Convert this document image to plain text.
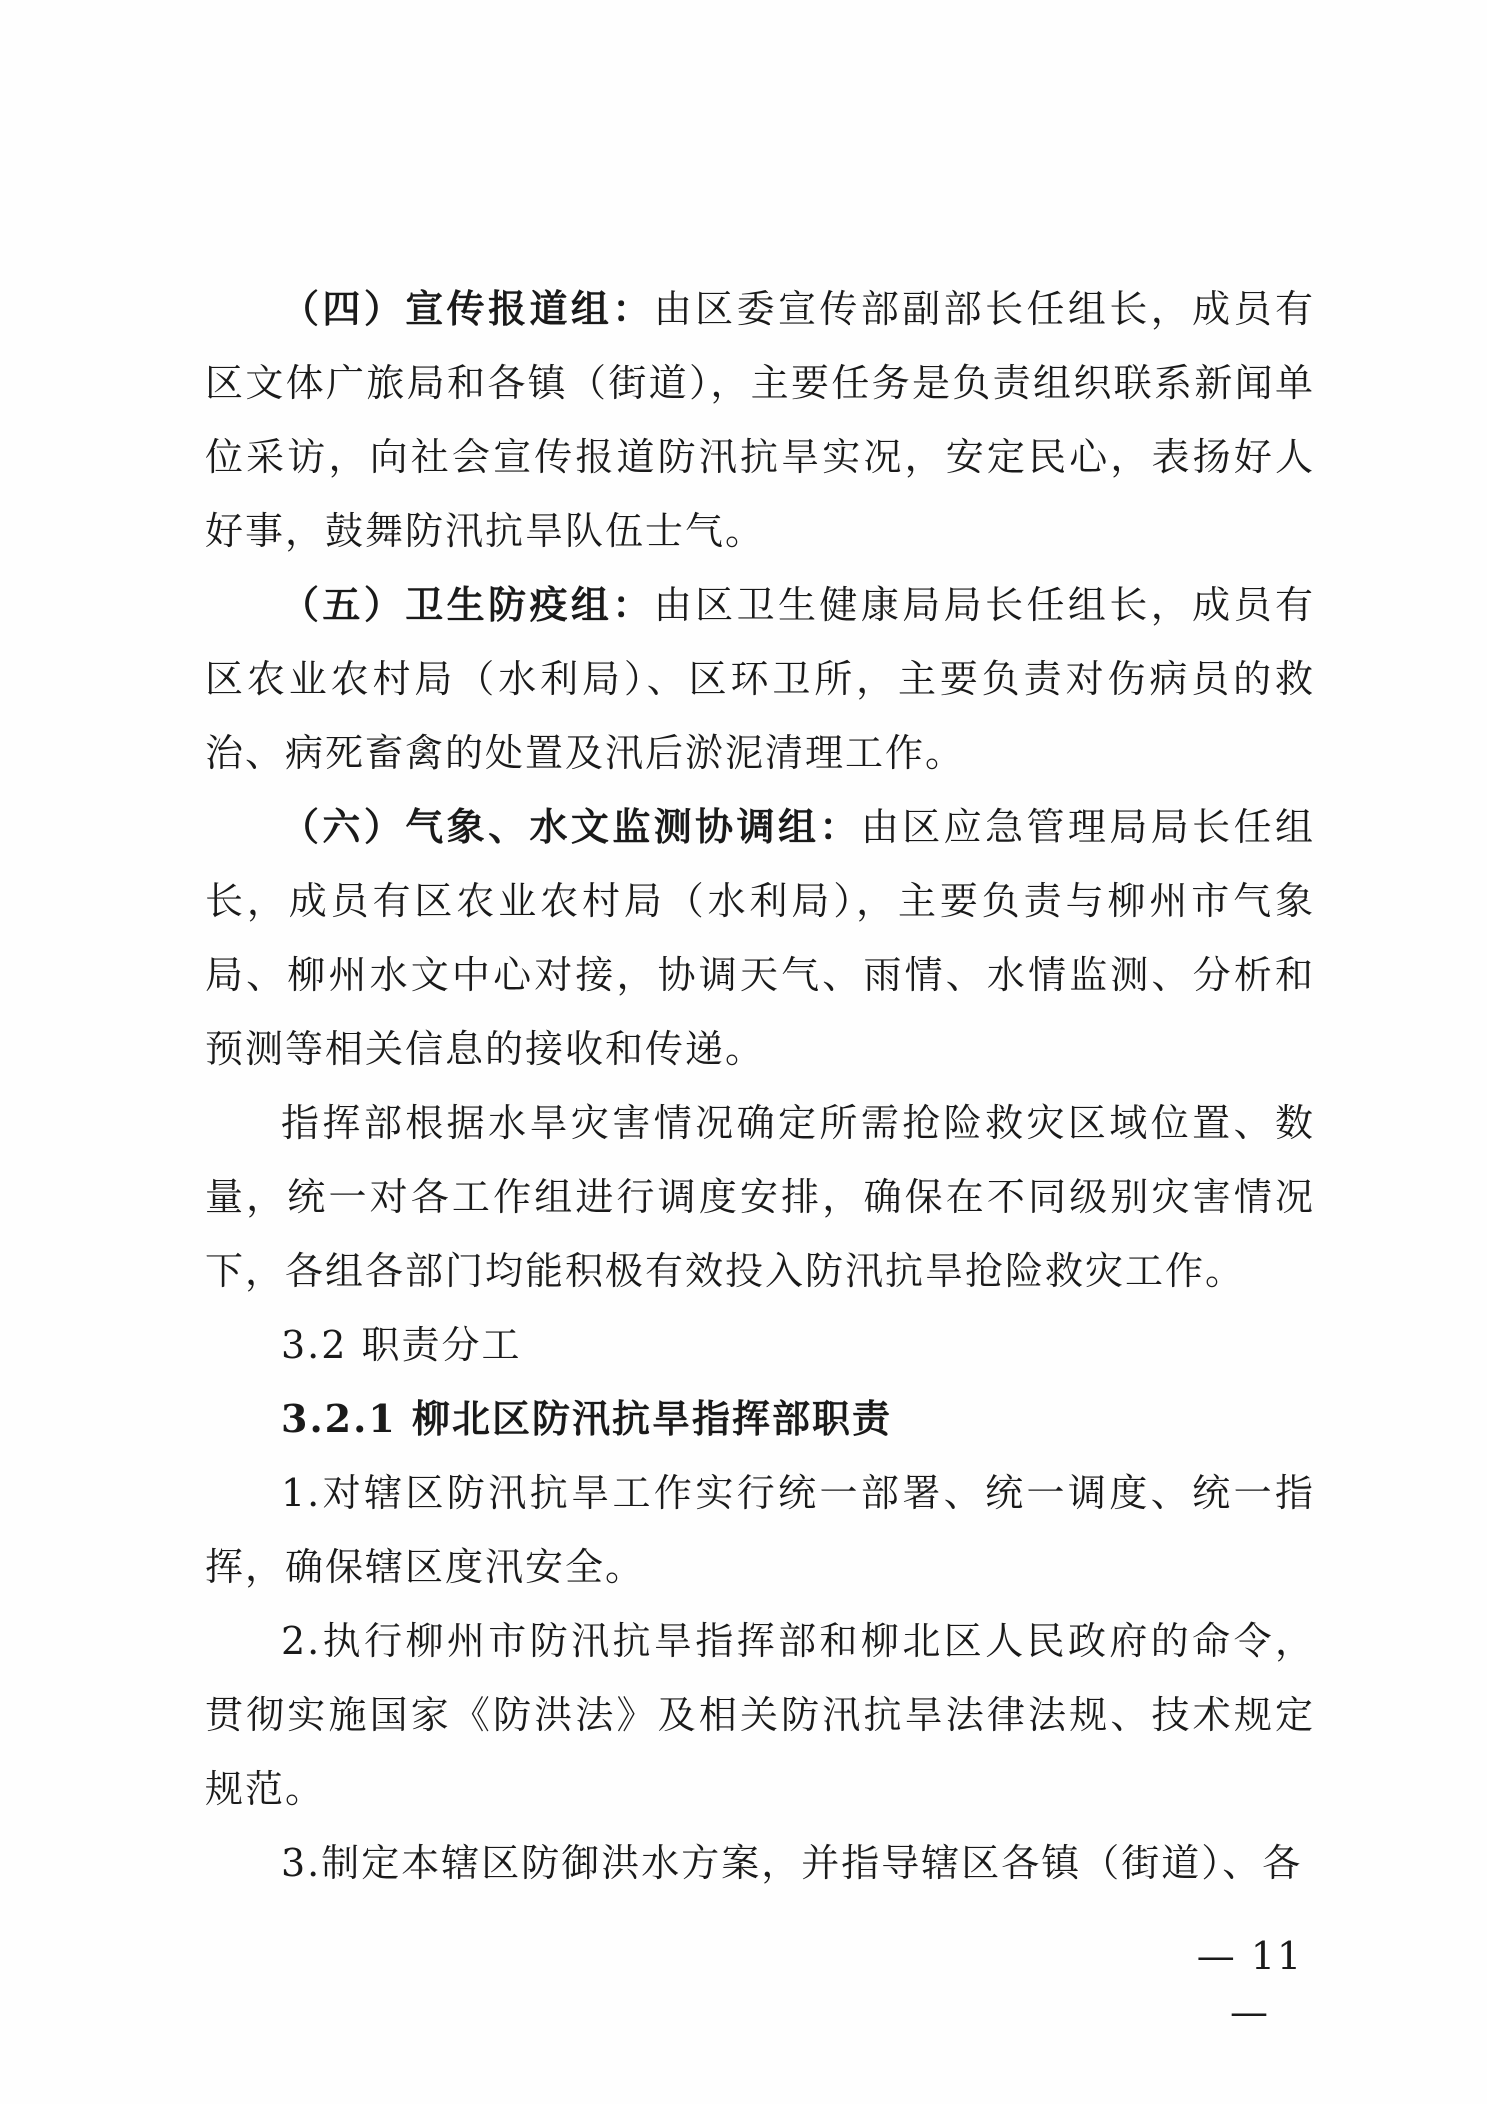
（四）宣传报道组：由区委宣传部副部长任组长，成员有区文体广旅局和各镇（街道），主要任务是负责组织联系新闻单位采访，向社会宣传报道防汛抗旱实况，安定民心，表扬好人好事，鼓舞防汛抗旱队伍士气。

（五）卫生防疫组：由区卫生健康局局长任组长，成员有区农业农村局（水利局）、区环卫所，主要负责对伤病员的救治、病死畜禽的处置及汛后淤泥清理工作。

（六）气象、水文监测协调组：由区应急管理局局长任组长，成员有区农业农村局（水利局），主要负责与柳州市气象局、柳州水文中心对接，协调天气、雨情、水情监测、分析和预测等相关信息的接收和传递。

指挥部根据水旱灾害情况确定所需抢险救灾区域位置、数量，统一对各工作组进行调度安排，确保在不同级别灾害情况下，各组各部门均能积极有效投入防汛抗旱抢险救灾工作。

3.2 职责分工

3.2.1 柳北区防汛抗旱指挥部职责

1.对辖区防汛抗旱工作实行统一部署、统一调度、统一指挥，确保辖区度汛安全。

2.执行柳州市防汛抗旱指挥部和柳北区人民政府的命令，贯彻实施国家《防洪法》及相关防汛抗旱法律法规、技术规定规范。

3.制定本辖区防御洪水方案，并指导辖区各镇（街道）、各

— 11 —
